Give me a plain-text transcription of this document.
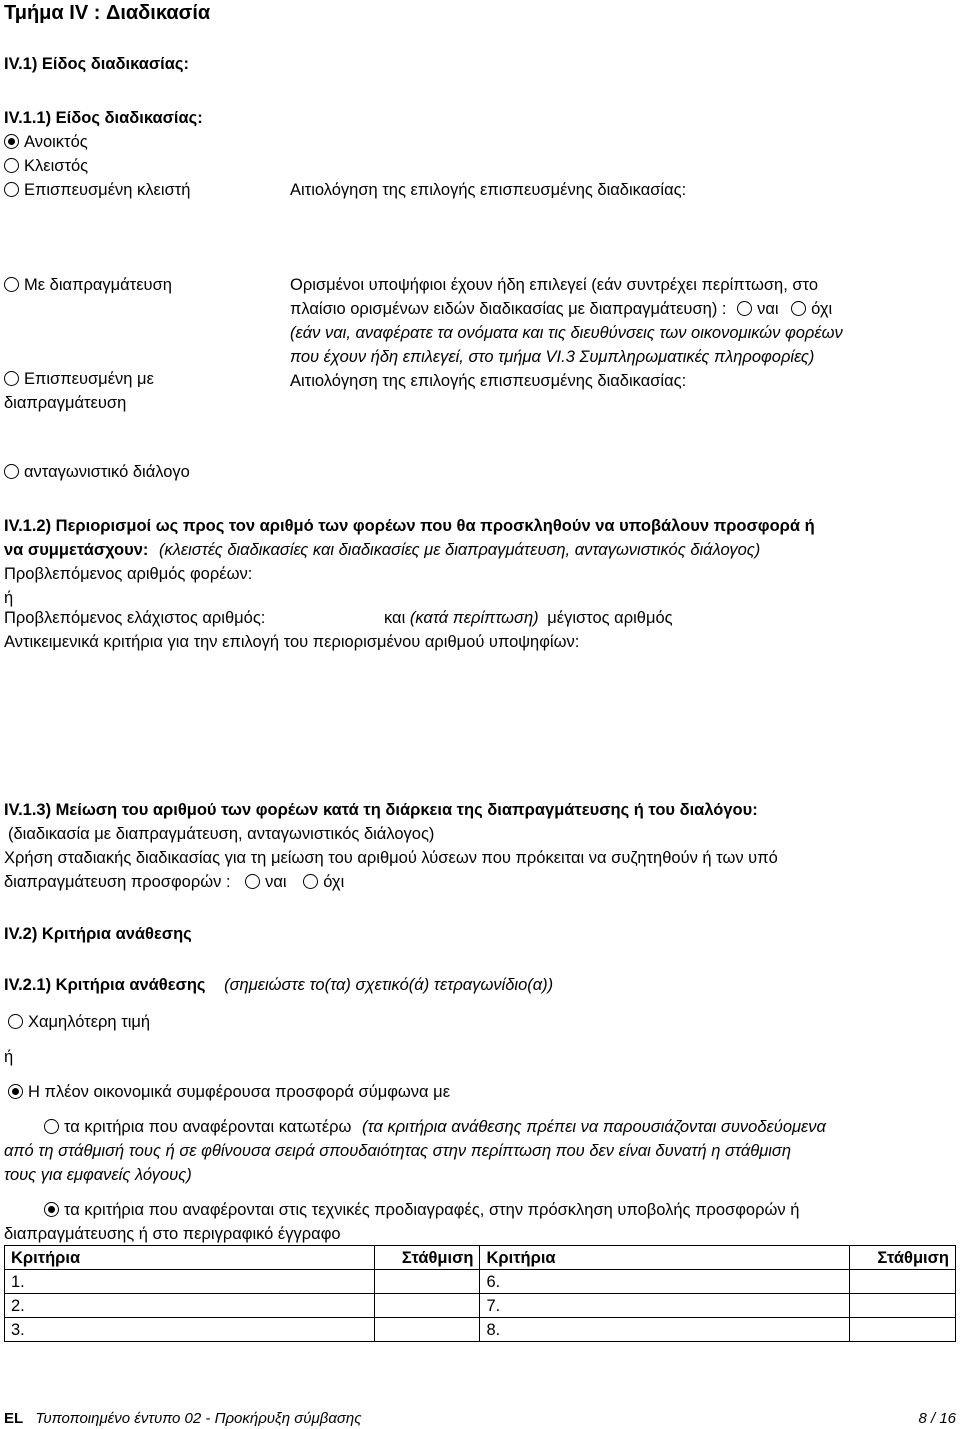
Τμήμα IV : Διαδικασία
IV.1) Είδος διαδικασίας:
IV.1.1) Είδος διαδικασίας:
Ανοικτός
Κλειστός
Επισπευσμένη κλειστή	Αιτιολόγηση της επιλογής επισπευσμένης διαδικασίας:
Με διαπραγμάτευση	Ορισμένοι υποψήφιοι έχουν ήδη επιλεγεί (εάν συντρέχει περίπτωση, στο
πλαίσιο ορισμένων ειδών διαδικασίας με διαπραγμάτευση) : ναι όχι
(εάν ναι, αναφέρατε τα ονόματα και τις διευθύνσεις των οικονομικών φορέων
που έχουν ήδη επιλεγεί, στο τμήμα VI.3 Συμπληρωματικές πληροφορίες)
Επισπευσμένη με
διαπραγμάτευση
Αιτιολόγηση της επιλογής επισπευσμένης διαδικασίας:
ανταγωνιστικό διάλογο
IV.1.2) Περιορισμοί ως προς τον αριθμό των φορέων που θα προσκληθούν να υποβάλουν προσφορά ή
να συμμετάσχουν: (κλειστές διαδικασίες και διαδικασίες με διαπραγμάτευση, ανταγωνιστικός διάλογος)
Προβλεπόμενος αριθμός φορέων:
ή
Προβλεπόμενος ελάχιστος αριθμός:	και (κατά περίπτωση) μέγιστος αριθμός
Αντικειμενικά κριτήρια για την επιλογή του περιορισμένου αριθμού υποψηφίων:
IV.1.3) Μείωση του αριθμού των φορέων κατά τη διάρκεια της διαπραγμάτευσης ή του διαλόγου:
(διαδικασία με διαπραγμάτευση, ανταγωνιστικός διάλογος)
Χρήση σταδιακής διαδικασίας για τη μείωση του αριθμού λύσεων που πρόκειται να συζητηθούν ή των υπό
διαπραγμάτευση προσφορών : ναι όχι
IV.2) Κριτήρια ανάθεσης
IV.2.1) Κριτήρια ανάθεσης (σημειώστε το(τα) σχετικό(ά) τετραγωνίδιο(α))
Χαμηλότερη τιμή
ή
Η πλέον οικονομικά συμφέρουσα προσφορά σύμφωνα με
τα κριτήρια που αναφέρονται κατωτέρω (τα κριτήρια ανάθεσης πρέπει να παρουσιάζονται συνοδεύομενα
από τη στάθμισή τους ή σε φθίνουσα σειρά σπουδαιότητας στην περίπτωση που δεν είναι δυνατή η στάθμιση
τους για εμφανείς λόγους)
τα κριτήρια που αναφέρονται στις τεχνικές προδιαγραφές, στην πρόσκληση υποβολής προσφορών ή
διαπραγμάτευσης ή στο περιγραφικό έγγραφο
Κριτήρια	Στάθμιση	Κριτήρια	Στάθμιση
1.		6.	
2.		7.	
3.		8.	
EL Τυποποιημένο έντυπο 02 - Προκήρυξη σύμβασης	8 / 16
